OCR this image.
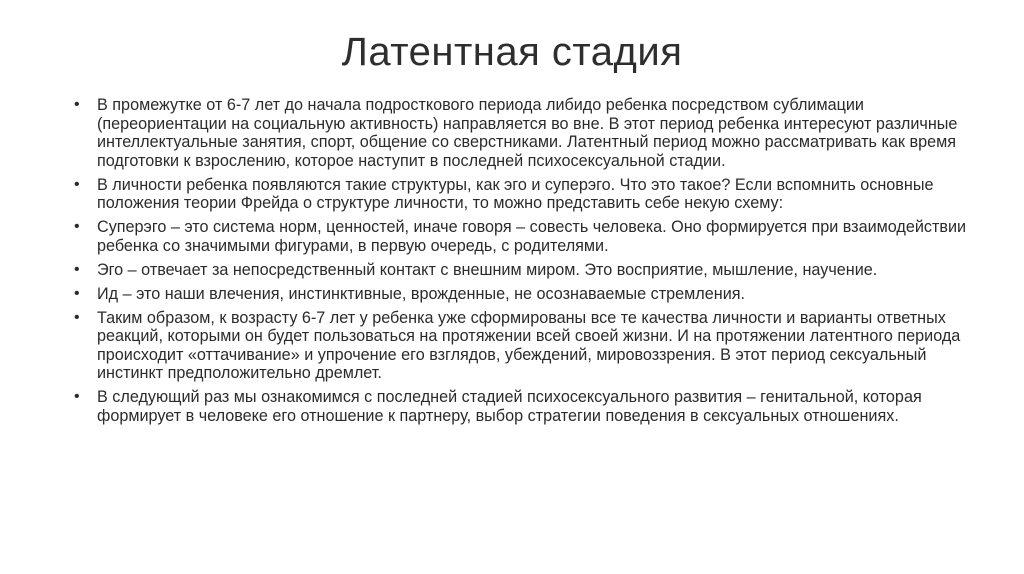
Латентная стадия
• В промежутке от 6-7 лет до начала подросткового периода либидо ребенка посредством сублимации (переориентации на социальную активность) направляется во вне. В этот период ребенка интересуют различные интеллектуальные занятия, спорт, общение со сверстниками. Латентный период можно рассматривать как время подготовки к взрослению, которое наступит в последней психосексуальной стадии.
• В личности ребенка появляются такие структуры, как эго и суперэго. Что это такое? Если вспомнить основные положения теории Фрейда о структуре личности, то можно представить себе некую схему:
• Суперэго – это система норм, ценностей, иначе говоря – совесть человека. Оно формируется при взаимодействии ребенка со значимыми фигурами, в первую очередь, с родителями.
• Эго – отвечает за непосредственный контакт с внешним миром. Это восприятие, мышление, научение.
• Ид – это наши влечения, инстинктивные, врожденные, не осознаваемые стремления.
• Таким образом, к возрасту 6-7 лет у ребенка уже сформированы все те качества личности и варианты ответных реакций, которыми он будет пользоваться на протяжении всей своей жизни. И на протяжении латентного периода происходит «оттачивание» и упрочение его взглядов, убеждений, мировоззрения. В этот период сексуальный инстинкт предположительно дремлет.
• В следующий раз мы ознакомимся с последней стадией психосексуального развития – генитальной, которая формирует в человеке его отношение к партнеру, выбор стратегии поведения в сексуальных отношениях.
